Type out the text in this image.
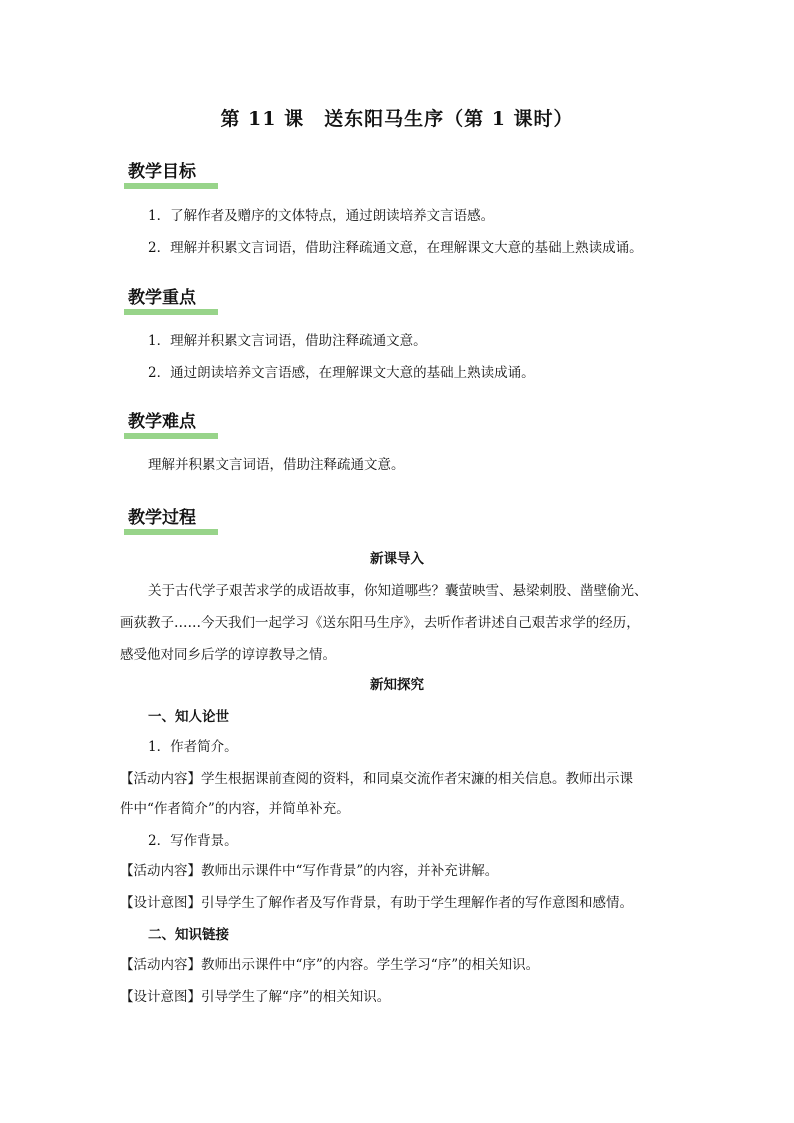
第 11 课　送东阳马生序（第 1 课时）
教学目标
1．了解作者及赠序的文体特点，通过朗读培养文言语感。
2．理解并积累文言词语，借助注释疏通文意，在理解课文大意的基础上熟读成诵。
教学重点
1．理解并积累文言词语，借助注释疏通文意。
2．通过朗读培养文言语感，在理解课文大意的基础上熟读成诵。
教学难点
理解并积累文言词语，借助注释疏通文意。
教学过程
新课导入
关于古代学子艰苦求学的成语故事，你知道哪些？囊萤映雪、悬梁刺股、凿壁偷光、
画荻教子……今天我们一起学习《送东阳马生序》，去听作者讲述自己艰苦求学的经历，
感受他对同乡后学的谆谆教导之情。
新知探究
一、知人论世
1．作者简介。
【活动内容】学生根据课前查阅的资料，和同桌交流作者宋濂的相关信息。教师出示课
件中“作者简介”的内容，并简单补充。
2．写作背景。
【活动内容】教师出示课件中“写作背景”的内容，并补充讲解。
【设计意图】引导学生了解作者及写作背景，有助于学生理解作者的写作意图和感情。
二、知识链接
【活动内容】教师出示课件中“序”的内容。学生学习“序”的相关知识。
【设计意图】引导学生了解“序”的相关知识。
